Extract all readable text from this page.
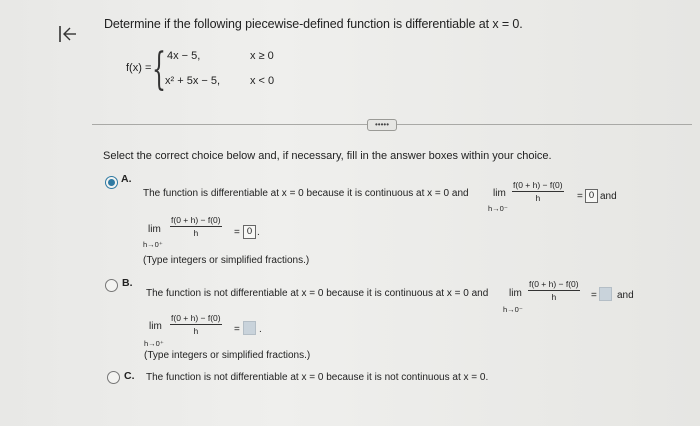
Determine if the following piecewise-defined function is differentiable at x = 0.
f(x) = { 4x − 5,	x ≥ 0
x² + 5x − 5,	x < 0
•••••
Select the correct choice below and, if necessary, fill in the answer boxes within your choice.
A.
The function is differentiable at x = 0 because it is continuous at x = 0 and lim
h→0⁻
$\frac{f(0 + h) - f(0)}{h} = 0$ and
lim
h→0⁺
$\frac{f(0 + h) - f(0)}{h} = 0$ .
(Type integers or simplified fractions.)
B.
The function is not differentiable at x = 0 because it is continuous at x = 0 and lim
h→0⁻
$\frac{f(0 + h) - f(0)}{h}$ = and
lim
h→0⁺
$\frac{f(0 + h) - f(0)}{h}$ = .
(Type integers or simplified fractions.)
C. The function is not differentiable at x = 0 because it is not continuous at x = 0.
